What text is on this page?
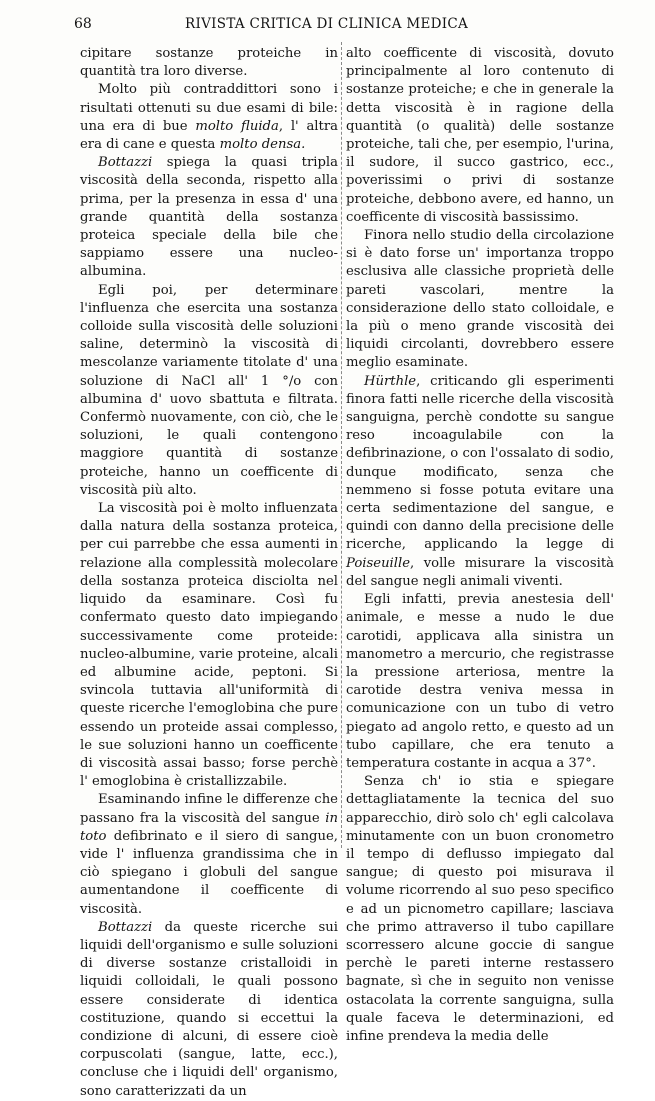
68	RIVISTA CRITICA DI CLINICA MEDICA

cipitare sostanze proteiche in quantità tra loro diverse.

Molto più contraddittori sono i risultati ottenuti su due esami di bile: una era di bue molto fluida, l' altra era di cane e questa molto densa.

Bottazzi spiega la quasi tripla viscosità della seconda, rispetto alla prima, per la presenza in essa d' una grande quantità della sostanza proteica speciale della bile che sappiamo essere una nucleo-albumina.

Egli poi, per determinare l'influenza che esercita una sostanza colloide sulla viscosità delle soluzioni saline, determinò la viscosità di mescolanze variamente titolate d' una soluzione di NaCl all' 1 °/o con albumina d' uovo sbattuta e filtrata. Confermò nuovamente, con ciò, che le soluzioni, le quali contengono maggiore quantità di sostanze proteiche, hanno un coefficente di viscosità più alto.

La viscosità poi è molto influenzata dalla natura della sostanza proteica, per cui parrebbe che essa aumenti in relazione alla complessità molecolare della sostanza proteica disciolta nel liquido da esaminare. Così fu confermato questo dato impiegando successivamente come proteide: nucleo-albumine, varie proteine, alcali ed albumine acide, peptoni. Si svincola tuttavia all'uniformità di queste ricerche l'emoglobina che pure essendo un proteide assai complesso, le sue soluzioni hanno un coefficente di viscosità assai basso; forse perchè l' emoglobina è cristallizzabile.

Esaminando infine le differenze che passano fra la viscosità del sangue in toto defibrinato e il siero di sangue, vide l' influenza grandissima che in ciò spiegano i globuli del sangue aumentandone il coefficente di viscosità.

Bottazzi da queste ricerche sui liquidi dell'organismo e sulle soluzioni di diverse sostanze cristalloidi in liquidi colloidali, le quali possono essere considerate di identica costituzione, quando si eccettui la condizione di alcuni, di essere cioè corpuscolati (sangue, latte, ecc.), concluse che i liquidi dell' organismo, sono caratterizzati da un

alto coefficente di viscosità, dovuto principalmente al loro contenuto di sostanze proteiche; e che in generale la detta viscosità è in ragione della quantità (o qualità) delle sostanze proteiche, tali che, per esempio, l'urina, il sudore, il succo gastrico, ecc., poverissimi o privi di sostanze proteiche, debbono avere, ed hanno, un coefficente di viscosità bassissimo.

Finora nello studio della circolazione si è dato forse un' importanza troppo esclusiva alle classiche proprietà delle pareti vascolari, mentre la considerazione dello stato colloidale, e la più o meno grande viscosità dei liquidi circolanti, dovrebbero essere meglio esaminate.

Hürthle, criticando gli esperimenti finora fatti nelle ricerche della viscosità sanguigna, perchè condotte su sangue reso incoagulabile con la defibrinazione, o con l'ossalato di sodio, dunque modificato, senza che nemmeno si fosse potuta evitare una certa sedimentazione del sangue, e quindi con danno della precisione delle ricerche, applicando la legge di Poiseuille, volle misurare la viscosità del sangue negli animali viventi.

Egli infatti, previa anestesia dell' animale, e messe a nudo le due carotidi, applicava alla sinistra un manometro a mercurio, che registrasse la pressione arteriosa, mentre la carotide destra veniva messa in comunicazione con un tubo di vetro piegato ad angolo retto, e questo ad un tubo capillare, che era tenuto a temperatura costante in acqua a 37°.

Senza ch' io stia e spiegare dettagliatamente la tecnica del suo apparecchio, dirò solo ch' egli calcolava minutamente con un buon cronometro il tempo di deflusso impiegato dal sangue; di questo poi misurava il volume ricorrendo al suo peso specifico e ad un picnometro capillare; lasciava che primo attraverso il tubo capillare scorressero alcune goccie di sangue perchè le pareti interne restassero bagnate, sì che in seguito non venisse ostacolata la corrente sanguigna, sulla quale faceva le determinazioni, ed infine prendeva la media delle
